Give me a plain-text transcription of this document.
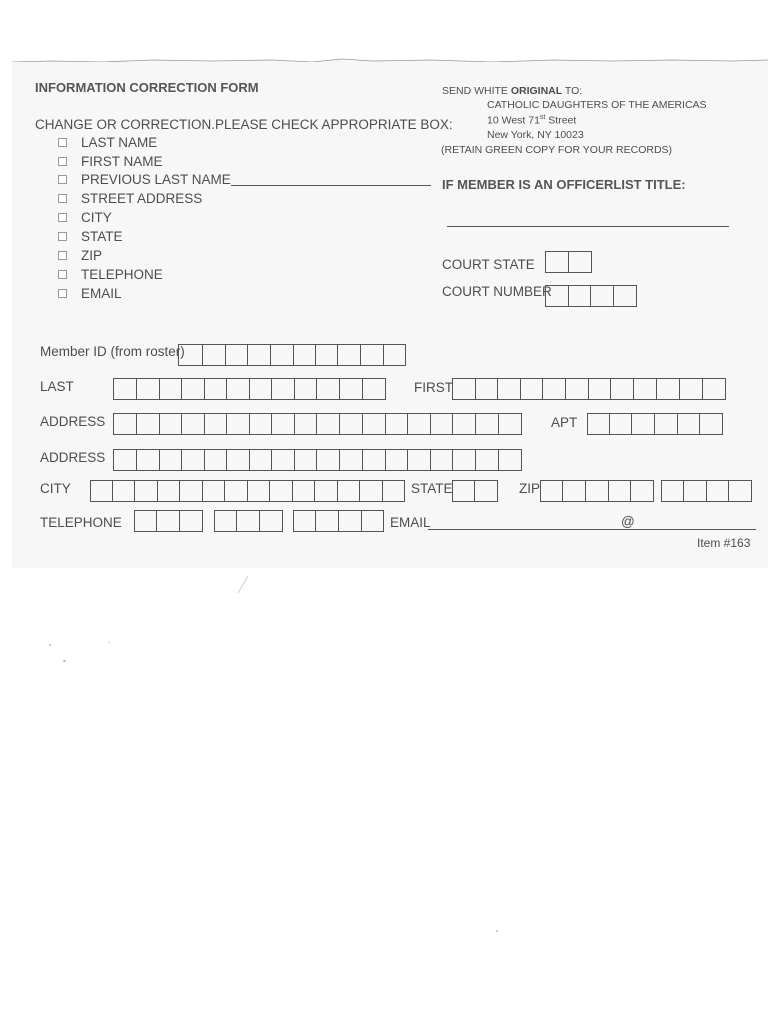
INFORMATION CORRECTION FORM
CHANGE OR CORRECTION.PLEASE CHECK APPROPRIATE BOX:
LAST NAME
FIRST NAME
PREVIOUS LAST NAME
STREET ADDRESS
CITY
STATE
ZIP
TELEPHONE
EMAIL
SEND WHITE ORIGINAL TO:
CATHOLIC DAUGHTERS OF THE AMERICAS
10 West 71st Street
New York, NY 10023
(RETAIN GREEN COPY FOR YOUR RECORDS)
IF MEMBER IS AN OFFICERLIST TITLE:
COURT STATE
COURT NUMBER
Member ID (from roster)
LAST	FIRST
ADDRESS	APT
ADDRESS
CITY	STATE	ZIP
TELEPHONE	EMAIL	@
Item #163
